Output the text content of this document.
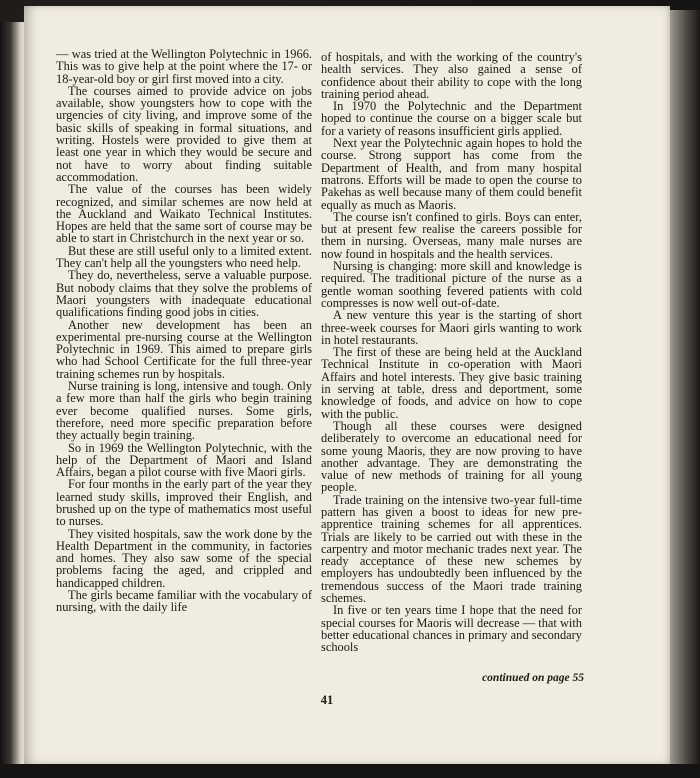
— was tried at the Wellington Polytechnic in 1966. This was to give help at the point where the 17- or 18-year-old boy or girl first moved into a city.

The courses aimed to provide advice on jobs available, show youngsters how to cope with the urgencies of city living, and improve some of the basic skills of speaking in formal situations, and writing. Hostels were provided to give them at least one year in which they would be secure and not have to worry about finding suitable accommodation.

The value of the courses has been widely recognized, and similar schemes are now held at the Auckland and Waikato Technical Institutes. Hopes are held that the same sort of course may be able to start in Christchurch in the next year or so.

But these are still useful only to a limited extent. They can't help all the youngsters who need help.

They do, nevertheless, serve a valuable purpose. But nobody claims that they solve the problems of Maori youngsters with inadequate educational qualifications finding good jobs in cities.

Another new development has been an experimental pre-nursing course at the Wellington Polytechnic in 1969. This aimed to prepare girls who had School Certificate for the full three-year training schemes run by hospitals.

Nurse training is long, intensive and tough. Only a few more than half the girls who begin training ever become qualified nurses. Some girls, therefore, need more specific preparation before they actually begin training.

So in 1969 the Wellington Polytechnic, with the help of the Department of Maori and Island Affairs, began a pilot course with five Maori girls.

For four months in the early part of the year they learned study skills, improved their English, and brushed up on the type of mathematics most useful to nurses.

They visited hospitals, saw the work done by the Health Department in the community, in factories and homes. They also saw some of the special problems facing the aged, and crippled and handicapped children.

The girls became familiar with the vocabulary of nursing, with the daily life

of hospitals, and with the working of the country's health services. They also gained a sense of confidence about their ability to cope with the long training period ahead.

In 1970 the Polytechnic and the Department hoped to continue the course on a bigger scale but for a variety of reasons insufficient girls applied.

Next year the Polytechnic again hopes to hold the course. Strong support has come from the Department of Health, and from many hospital matrons. Efforts will be made to open the course to Pakehas as well because many of them could benefit equally as much as Maoris.

The course isn't confined to girls. Boys can enter, but at present few realise the careers possible for them in nursing. Overseas, many male nurses are now found in hospitals and the health services.

Nursing is changing: more skill and knowledge is required. The traditional picture of the nurse as a gentle woman soothing fevered patients with cold compresses is now well out-of-date.

A new venture this year is the starting of short three-week courses for Maori girls wanting to work in hotel restaurants.

The first of these are being held at the Auckland Technical Institute in co-operation with Maori Affairs and hotel interests. They give basic training in serving at table, dress and deportment, some knowledge of foods, and advice on how to cope with the public.

Though all these courses were designed deliberately to overcome an educational need for some young Maoris, they are now proving to have another advantage. They are demonstrating the value of new methods of training for all young people.

Trade training on the intensive two-year full-time pattern has given a boost to ideas for new pre-apprentice training schemes for all apprentices. Trials are likely to be carried out with these in the carpentry and motor mechanic trades next year. The ready acceptance of these new schemes by employers has undoubtedly been influenced by the tremendous success of the Maori trade training schemes.

In five or ten years time I hope that the need for special courses for Maoris will decrease — that with better educational chances in primary and secondary schools

continued on page 55
41
